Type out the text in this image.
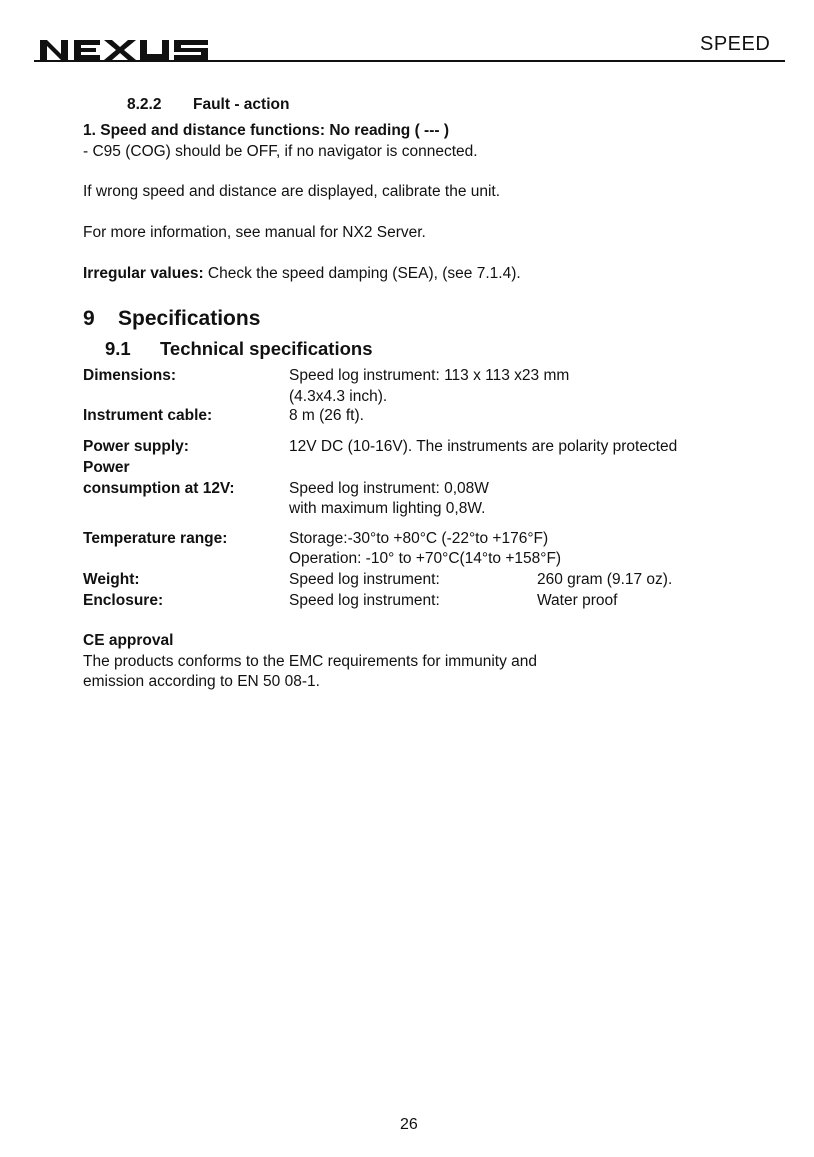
SPEED
8.2.2 Fault - action
1. Speed and distance functions: No reading ( --- )
- C95 (COG) should be OFF, if no navigator is connected.
If wrong speed and distance are displayed, calibrate the unit.
For more information, see manual for NX2 Server.
Irregular values: Check the speed damping (SEA), (see 7.1.4).
9 Specifications
9.1 Technical specifications
Dimensions:	Speed log instrument: 113 x 113 x23 mm
(4.3x4.3 inch).
Instrument cable:	8 m (26 ft).
Power supply:	12V DC (10-16V). The instruments are polarity protected
Power
consumption at 12V:	Speed log instrument: 0,08W
with maximum lighting 0,8W.
Temperature range:	Storage:-30°to +80°C (-22°to +176°F)
Operation: -10° to +70°C(14°to +158°F)
Weight:	Speed log instrument:	260 gram (9.17 oz).
Enclosure:	Speed log instrument:	Water proof
CE approval
The products conforms to the EMC requirements for immunity and
emission according to EN 50 08-1.
26
